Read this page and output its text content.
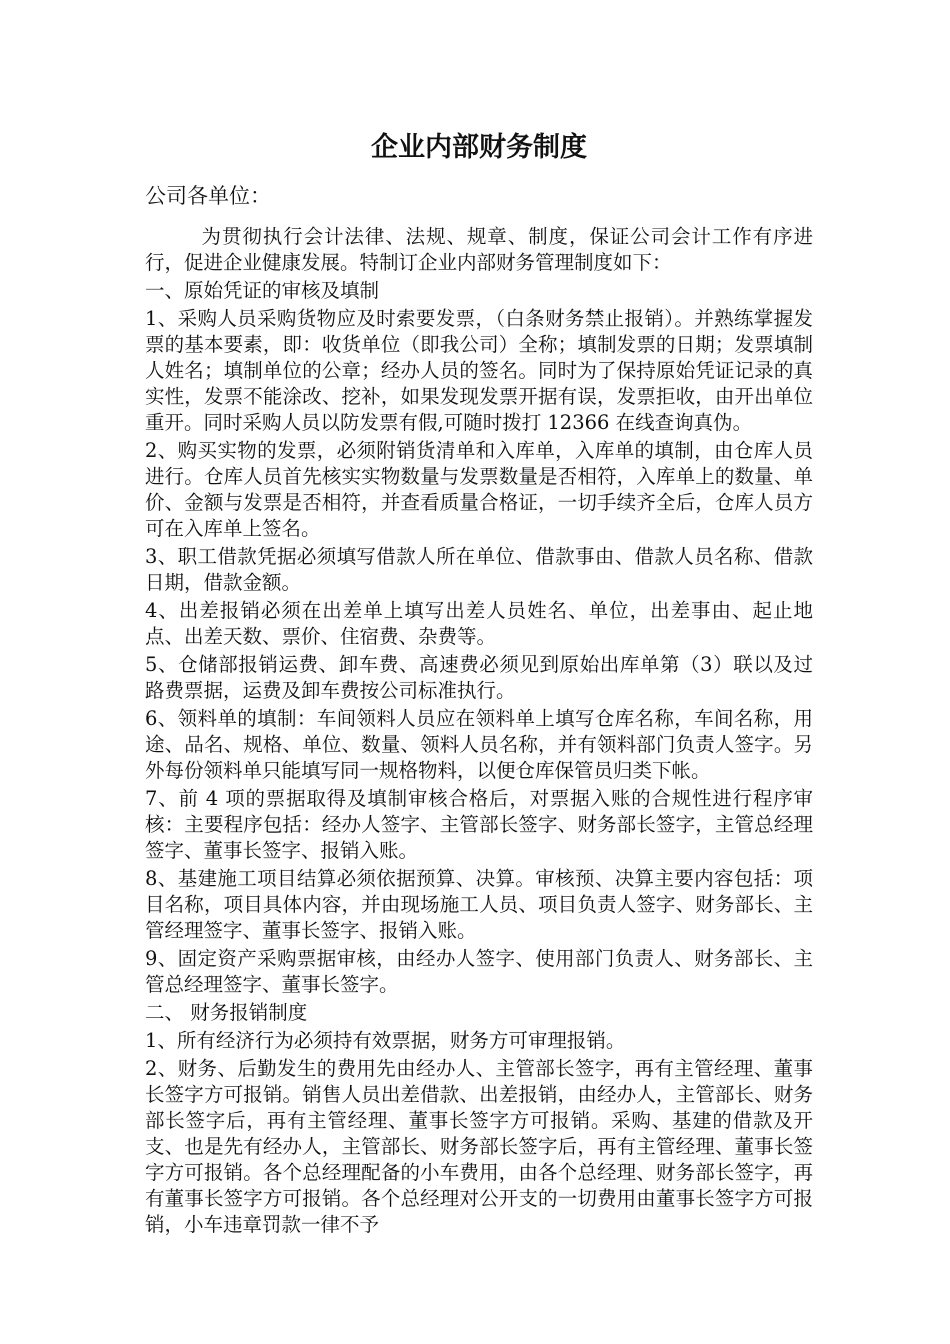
企业内部财务制度
公司各单位：
为贯彻执行会计法律、法规、规章、制度，保证公司会计工作有序进行，促进企业健康发展。特制订企业内部财务管理制度如下：
一、原始凭证的审核及填制
1、采购人员采购货物应及时索要发票，（白条财务禁止报销）。并熟练掌握发票的基本要素，即：收货单位（即我公司）全称；填制发票的日期；发票填制人姓名；填制单位的公章；经办人员的签名。同时为了保持原始凭证记录的真实性，发票不能涂改、挖补，如果发现发票开据有误，发票拒收，由开出单位重开。同时采购人员以防发票有假,可随时拨打 12366 在线查询真伪。
2、购买实物的发票，必须附销货清单和入库单，入库单的填制，由仓库人员进行。仓库人员首先核实实物数量与发票数量是否相符，入库单上的数量、单价、金额与发票是否相符，并查看质量合格证，一切手续齐全后，仓库人员方可在入库单上签名。
3、职工借款凭据必须填写借款人所在单位、借款事由、借款人员名称、借款日期，借款金额。
4、出差报销必须在出差单上填写出差人员姓名、单位，出差事由、起止地点、出差天数、票价、住宿费、杂费等。
5、仓储部报销运费、卸车费、高速费必须见到原始出库单第（3）联以及过路费票据，运费及卸车费按公司标准执行。
6、领料单的填制：车间领料人员应在领料单上填写仓库名称，车间名称，用途、品名、规格、单位、数量、领料人员名称，并有领料部门负责人签字。另外每份领料单只能填写同一规格物料，以便仓库保管员归类下帐。
7、前 4 项的票据取得及填制审核合格后，对票据入账的合规性进行程序审核：主要程序包括：经办人签字、主管部长签字、财务部长签字，主管总经理签字、董事长签字、报销入账。
8、基建施工项目结算必须依据预算、决算。审核预、决算主要内容包括：项目名称，项目具体内容，并由现场施工人员、项目负责人签字、财务部长、主管经理签字、董事长签字、报销入账。
9、固定资产采购票据审核，由经办人签字、使用部门负责人、财务部长、主管总经理签字、董事长签字。
二、 财务报销制度
1、所有经济行为必须持有效票据，财务方可审理报销。
2、财务、后勤发生的费用先由经办人、主管部长签字，再有主管经理、董事长签字方可报销。销售人员出差借款、出差报销，由经办人，主管部长、财务部长签字后，再有主管经理、董事长签字方可报销。采购、基建的借款及开支、也是先有经办人，主管部长、财务部长签字后，再有主管经理、董事长签字方可报销。各个总经理配备的小车费用，由各个总经理、财务部长签字，再有董事长签字方可报销。各个总经理对公开支的一切费用由董事长签字方可报销，小车违章罚款一律不予
